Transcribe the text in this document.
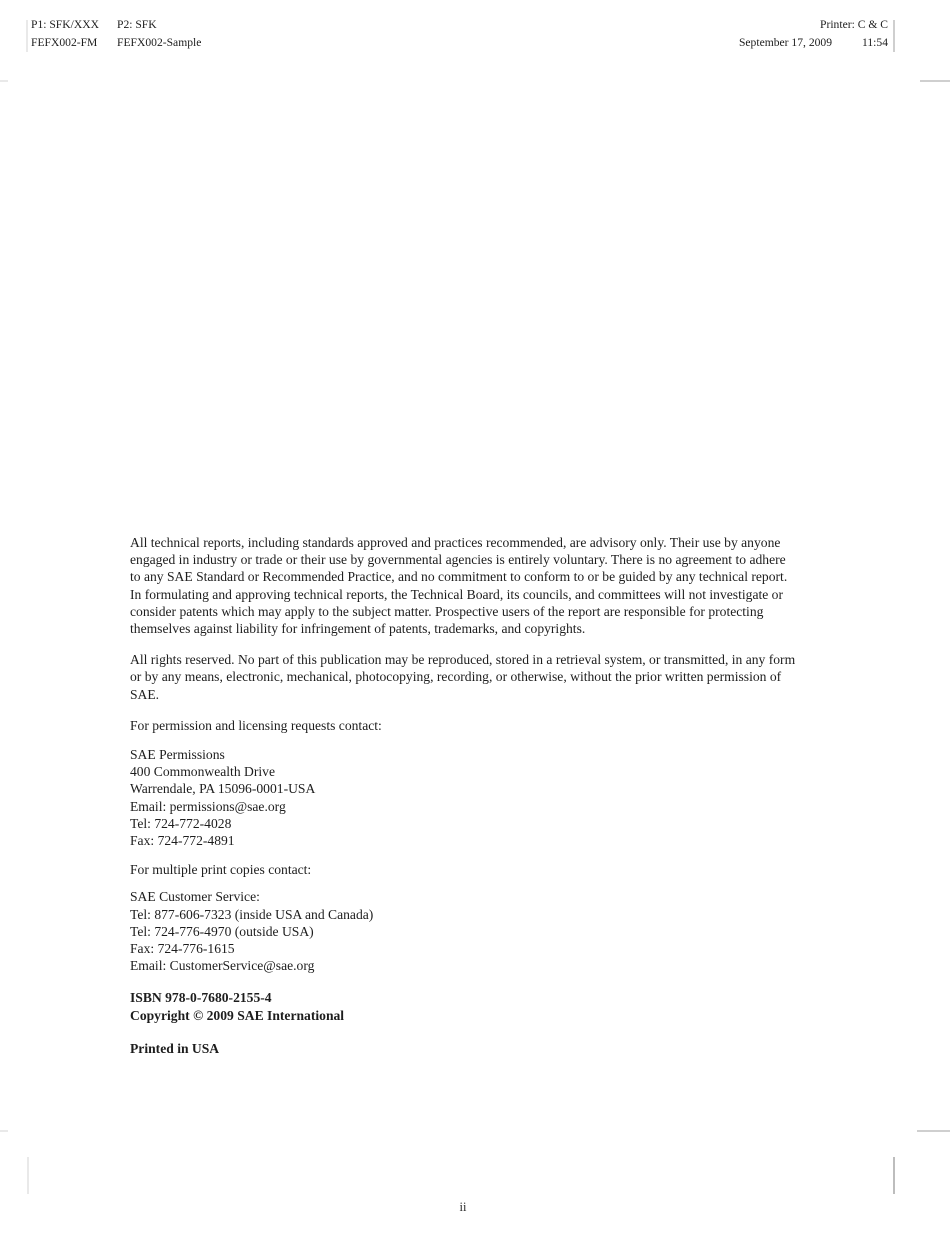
P1: SFK/XXX	P2: SFK
FEFX002-FM	FEFX002-Sample
Printer: C & C
September 17, 2009	11:54

All technical reports, including standards approved and practices recommended, are advisory only. Their use by anyone engaged in industry or trade or their use by governmental agencies is entirely voluntary. There is no agreement to adhere to any SAE Standard or Recommended Practice, and no commitment to conform to or be guided by any technical report. In formulating and approving technical reports, the Technical Board, its councils, and committees will not investigate or consider patents which may apply to the subject matter. Prospective users of the report are responsible for protecting themselves against liability for infringement of patents, trademarks, and copyrights.

All rights reserved. No part of this publication may be reproduced, stored in a retrieval system, or transmitted, in any form or by any means, electronic, mechanical, photocopying, recording, or otherwise, without the prior written permission of SAE.

For permission and licensing requests contact:
SAE Permissions
400 Commonwealth Drive
Warrendale, PA 15096-0001-USA
Email: permissions@sae.org
Tel: 724-772-4028
Fax: 724-772-4891
For multiple print copies contact:
SAE Customer Service:
Tel: 877-606-7323 (inside USA and Canada)
Tel: 724-776-4970 (outside USA)
Fax: 724-776-1615
Email: CustomerService@sae.org
ISBN 978-0-7680-2155-4
Copyright © 2009 SAE International
Printed in USA
ii
